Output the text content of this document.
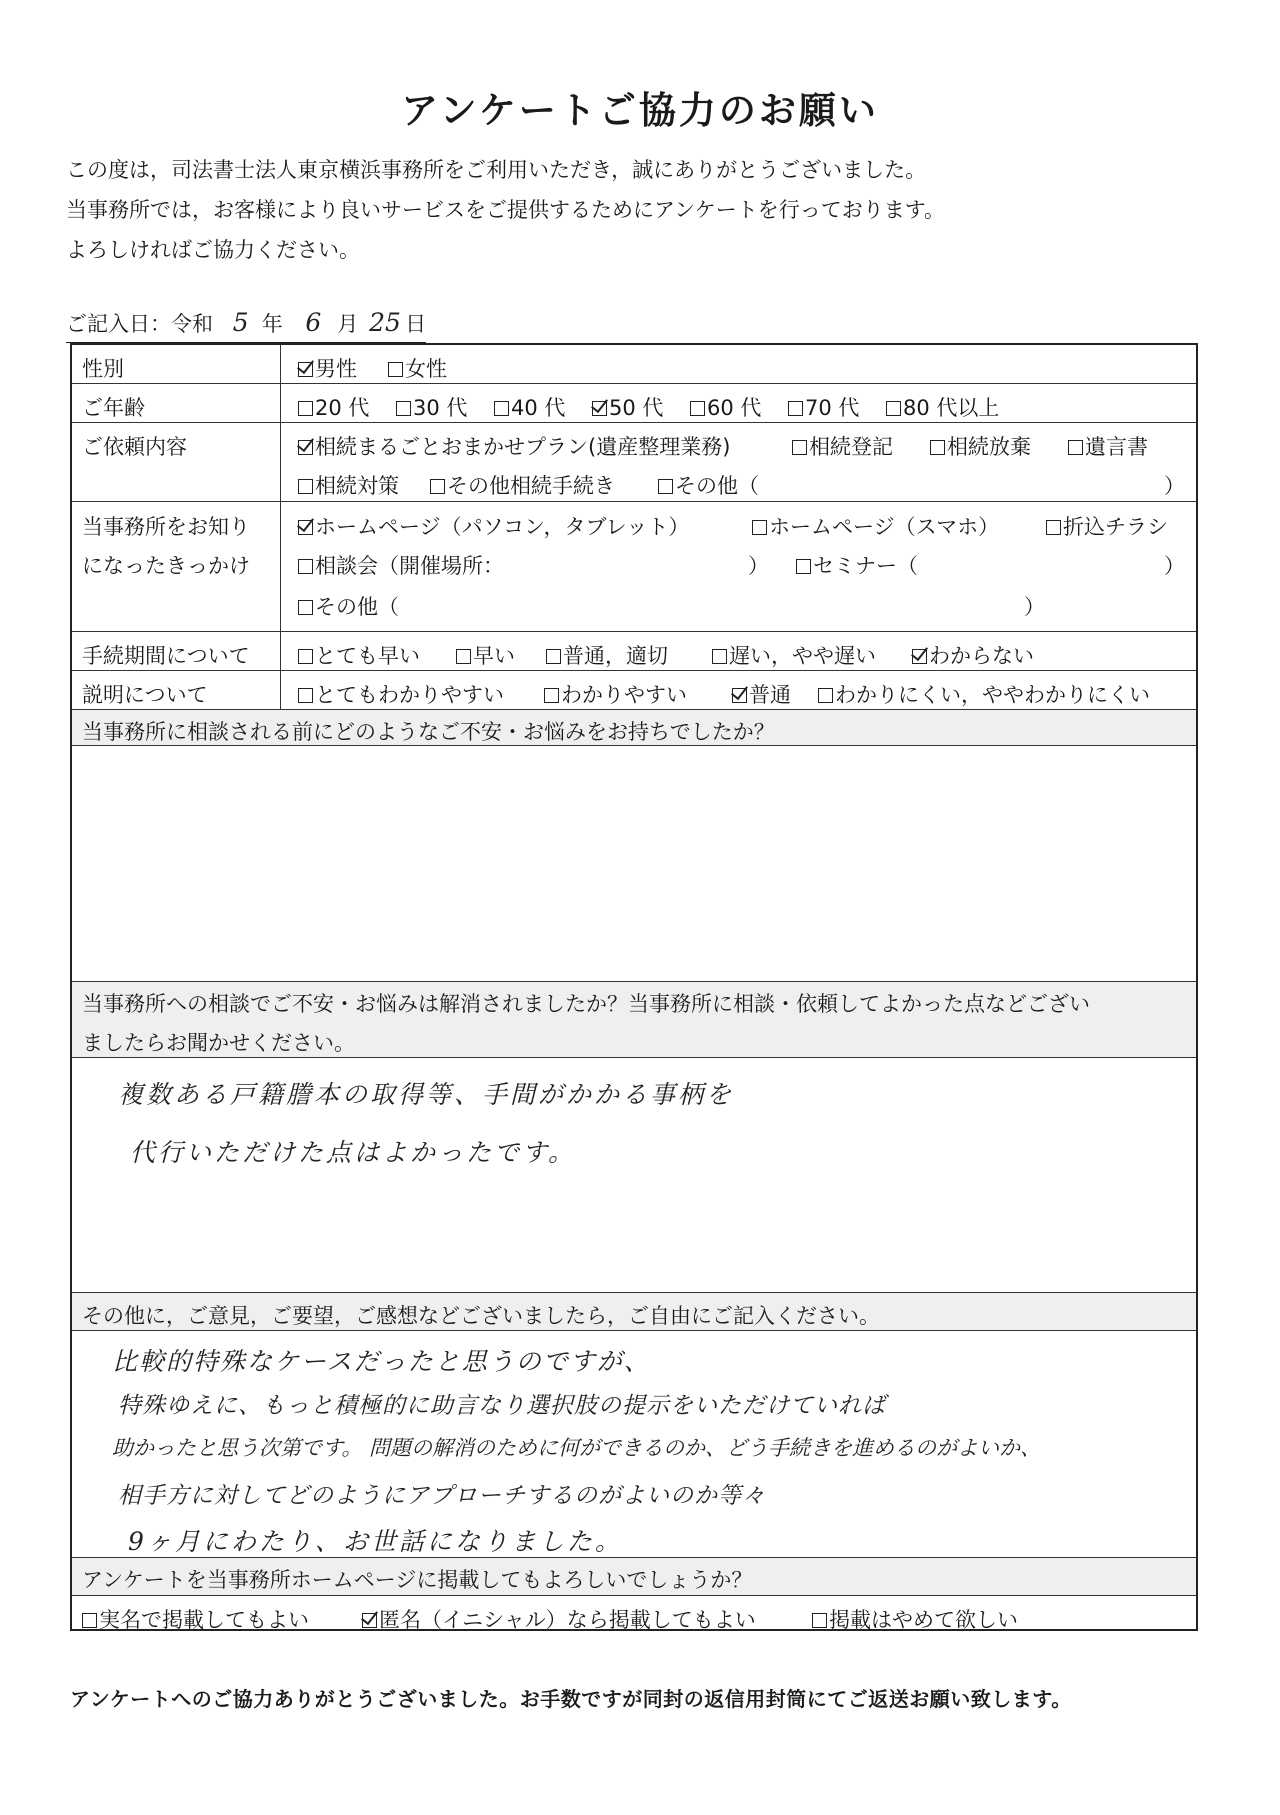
アンケートご協力のお願い
この度は，司法書士法人東京横浜事務所をご利用いただき，誠にありがとうございました。
当事務所では，お客様により良いサービスをご提供するためにアンケートを行っております。
よろしければご協力ください。
ご記入日：令和 5 年 6 月 25 日
性別	男性	女性
ご年齢	20 代	30 代	40 代	50 代	60 代	70 代	80 代以上
ご依頼内容	相続まるごとおまかせプラン(遺産整理業務)	相続登記	相続放棄	遺言書
相続対策	その他相続手続き	その他（	）
当事務所をお知り
になったきっかけ
ホームページ（パソコン，タブレット）	ホームページ（スマホ）	折込チラシ
相談会（開催場所：	）	セミナー（	）
その他（	）
手続期間について	とても早い	早い	普通，適切	遅い，やや遅い	わからない
説明について	とてもわかりやすい	わかりやすい	普通	わかりにくい，ややわかりにくい
当事務所に相談される前にどのようなご不安・お悩みをお持ちでしたか？
当事務所への相談でご不安・お悩みは解消されましたか？当事務所に相談・依頼してよかった点などござい
ましたらお聞かせください。
複数ある戸籍謄本の取得等、手間がかかる事柄を
代行いただけた点はよかったです。
その他に，ご意見，ご要望，ご感想などございましたら，ご自由にご記入ください。
比較的特殊なケースだったと思うのですが、
特殊ゆえに、もっと積極的に助言なり選択肢の提示をいただけていれば
助かったと思う次第です。 問題の解消のために何ができるのか、どう手続きを進めるのがよいか、
相手方に対してどのようにアプローチするのがよいのか等々
9ヶ月にわたり、お世話になりました。
アンケートを当事務所ホームページに掲載してもよろしいでしょうか？
実名で掲載してもよい	匿名（イニシャル）なら掲載してもよい	掲載はやめて欲しい
アンケートへのご協力ありがとうございました。お手数ですが同封の返信用封筒にてご返送お願い致します。
